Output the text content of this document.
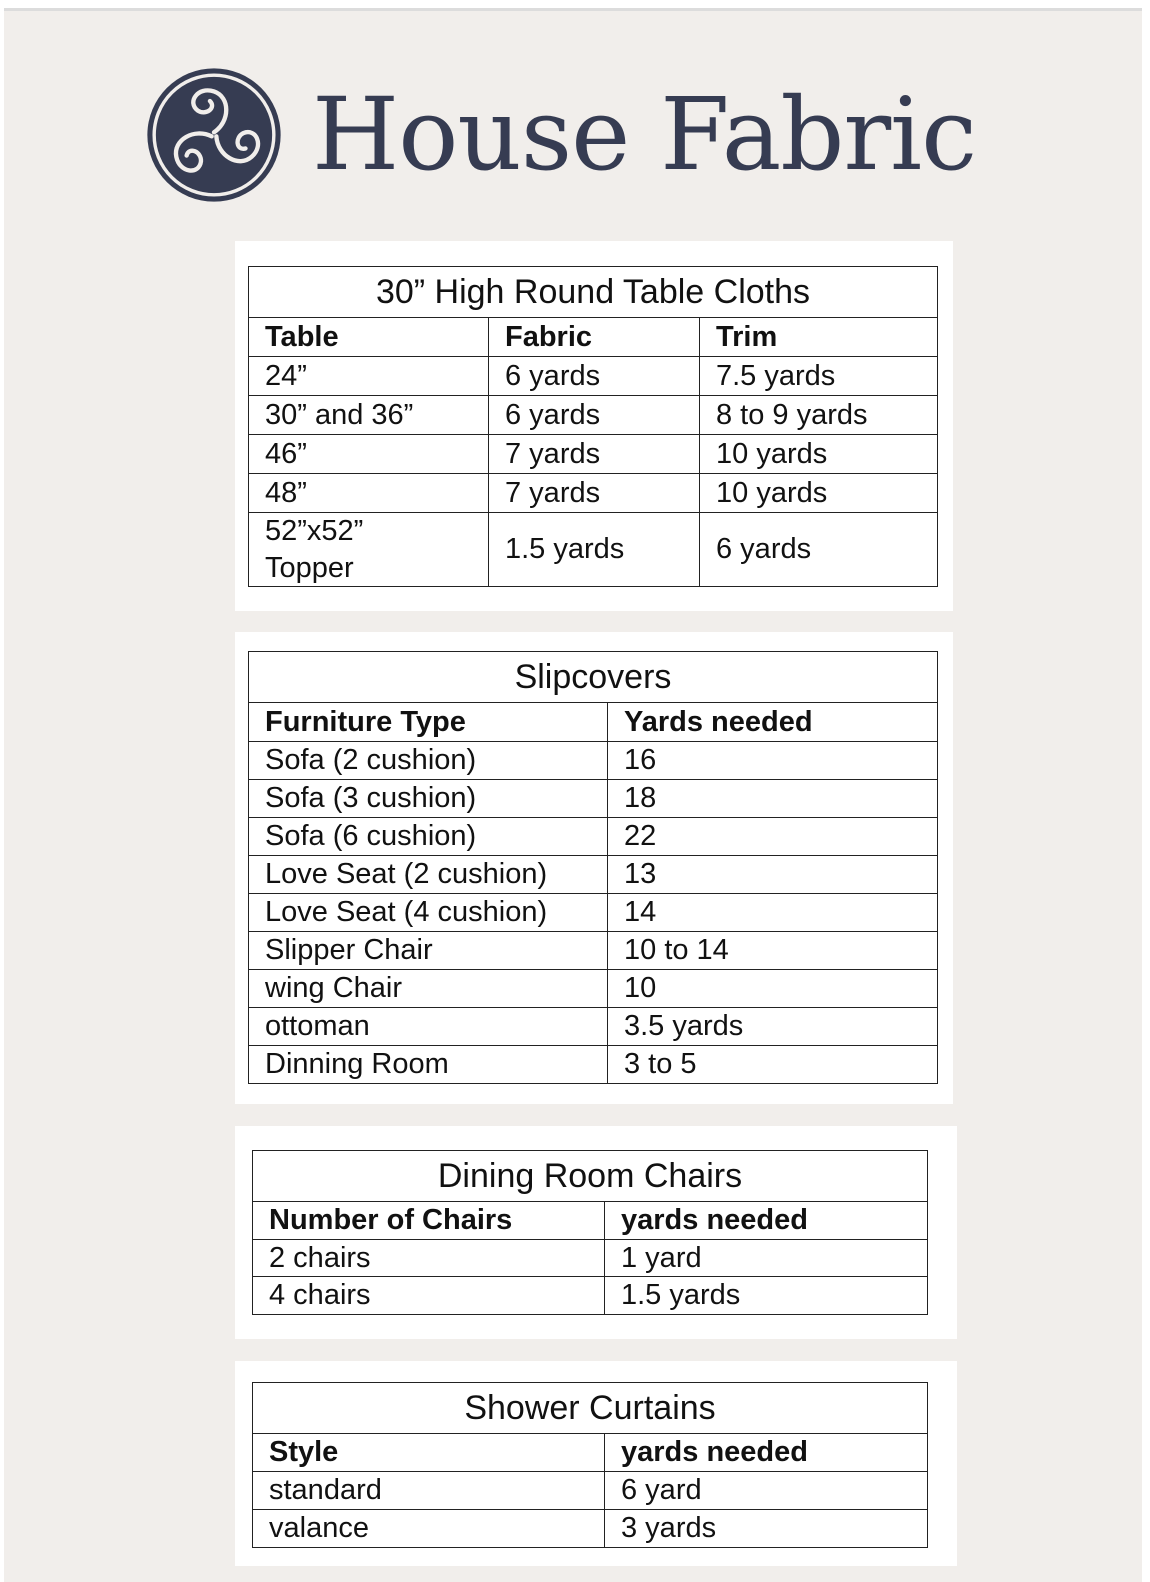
House Fabric
30” High Round Table Cloths		
Table	Fabric	Trim
24”	6 yards	7.5 yards
30” and 36”	6 yards	8 to 9 yards
46”	7 yards	10 yards
48”	7 yards	10 yards

52”x52”
Topper	1.5 yards	6 yards
Slipcovers	
Furniture Type	Yards needed
Sofa (2 cushion)	16
Sofa (3 cushion)	18
Sofa (6 cushion)	22
Love Seat (2 cushion)	13
Love Seat (4 cushion)	14
Slipper Chair	10 to 14
wing Chair	10
ottoman	3.5 yards
Dinning Room	3 to 5
Dining Room Chairs	
Number of Chairs	yards needed
2 chairs	1 yard
4 chairs	1.5 yards
Shower Curtains	
Style	yards needed
standard	6 yard
valance	3 yards
